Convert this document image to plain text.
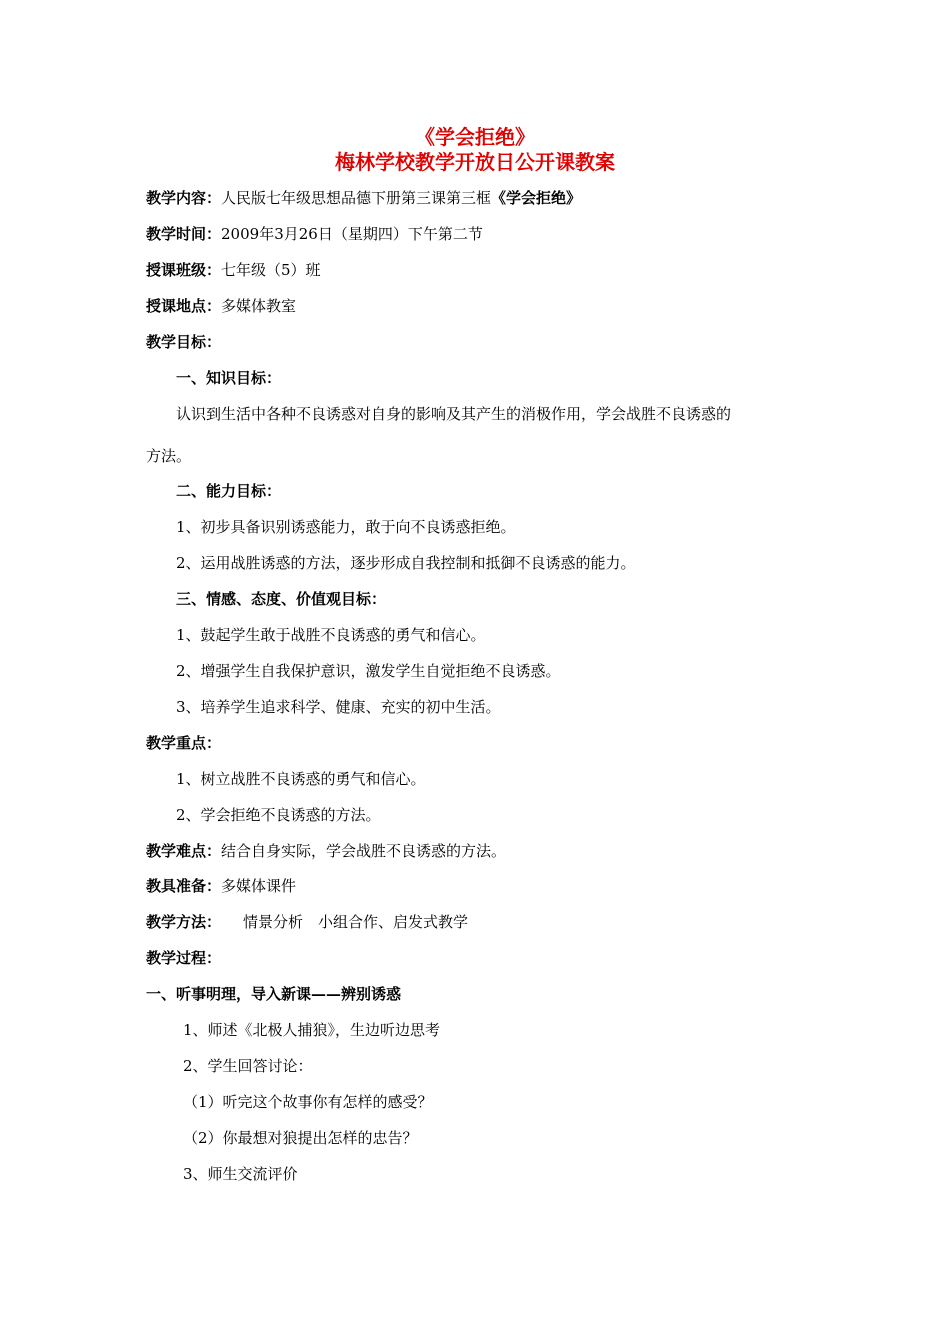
《学会拒绝》
梅林学校教学开放日公开课教案
教学内容：人民版七年级思想品德下册第三课第三框《学会拒绝》
教学时间：2009年3月26日（星期四）下午第二节
授课班级：七年级（5）班
授课地点：多媒体教室
教学目标：
一、知识目标：
认识到生活中各种不良诱惑对自身的影响及其产生的消极作用，学会战胜不良诱惑的
方法。
二、能力目标：
1、初步具备识别诱惑能力，敢于向不良诱惑拒绝。
2、运用战胜诱惑的方法，逐步形成自我控制和抵御不良诱惑的能力。
三、情感、态度、价值观目标：
1、鼓起学生敢于战胜不良诱惑的勇气和信心。
2、增强学生自我保护意识，激发学生自觉拒绝不良诱惑。
3、培养学生追求科学、健康、充实的初中生活。
教学重点：
1、树立战胜不良诱惑的勇气和信心。
2、学会拒绝不良诱惑的方法。
教学难点：结合自身实际，学会战胜不良诱惑的方法。
教具准备：多媒体课件
教学方法： 情景分析　小组合作、启发式教学
教学过程：
一、听事明理，导入新课——辨别诱惑
1、师述《北极人捕狼》，生边听边思考
2、学生回答讨论：
（1）听完这个故事你有怎样的感受？
（2）你最想对狼提出怎样的忠告？
3、师生交流评价
